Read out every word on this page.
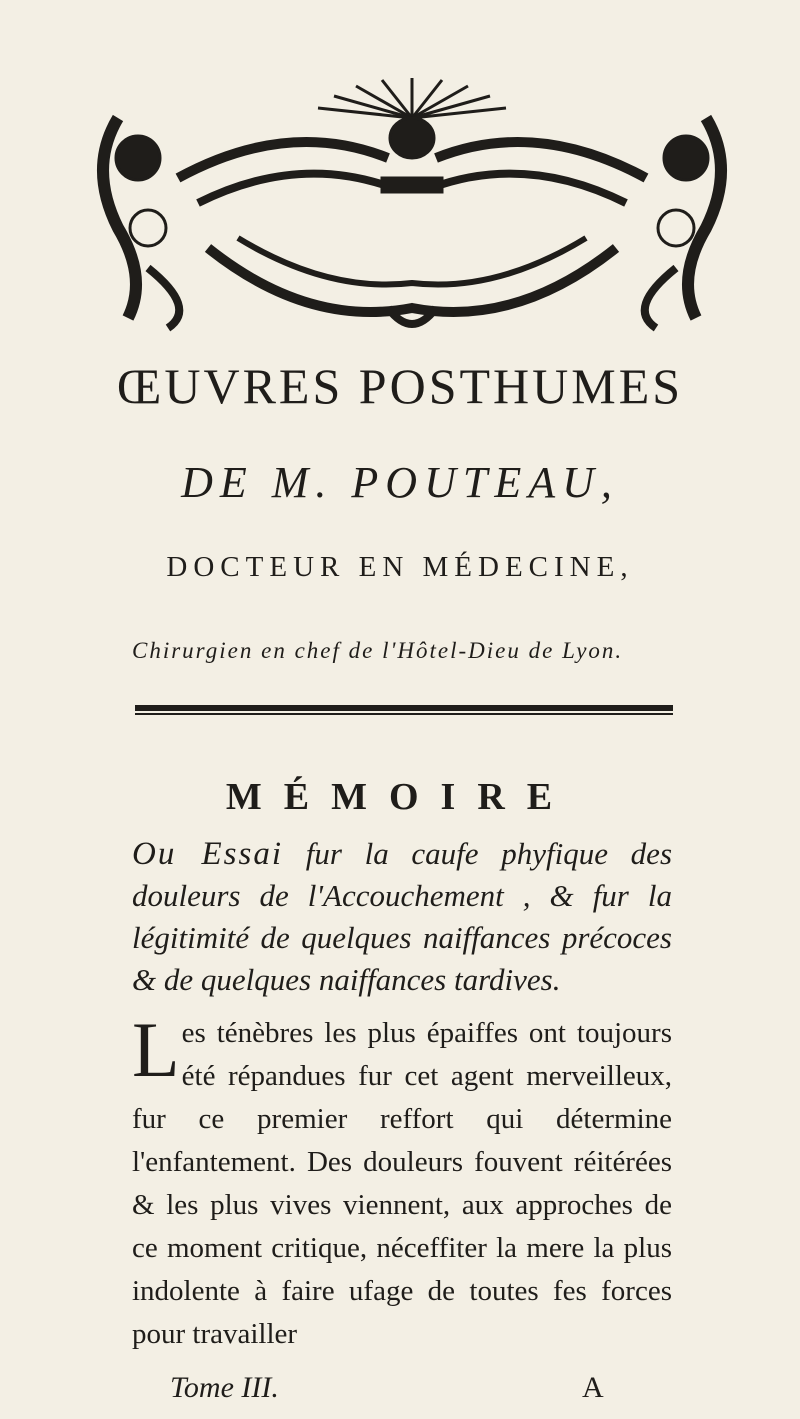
ŒUVRES POSTHUMES
DE M. POUTEAU,
DOCTEUR EN MÉDECINE,
Chirurgien en chef de l'Hôtel-Dieu de Lyon.
MÉMOIRE
Ou Essai fur la caufe phyfique des douleurs de l'Accouchement , & fur la légitimité de quelques naiffances précoces & de quelques naiffances tardives.
L es ténèbres les plus épaiffes ont toujours été répandues fur cet agent merveilleux, fur ce premier reffort qui détermine l'enfantement. Des douleurs fouvent réitérées & les plus vives viennent, aux approches de ce moment critique, néceffiter la mere la plus indolente à faire ufage de toutes fes forces pour travailler
Tome III.	A
